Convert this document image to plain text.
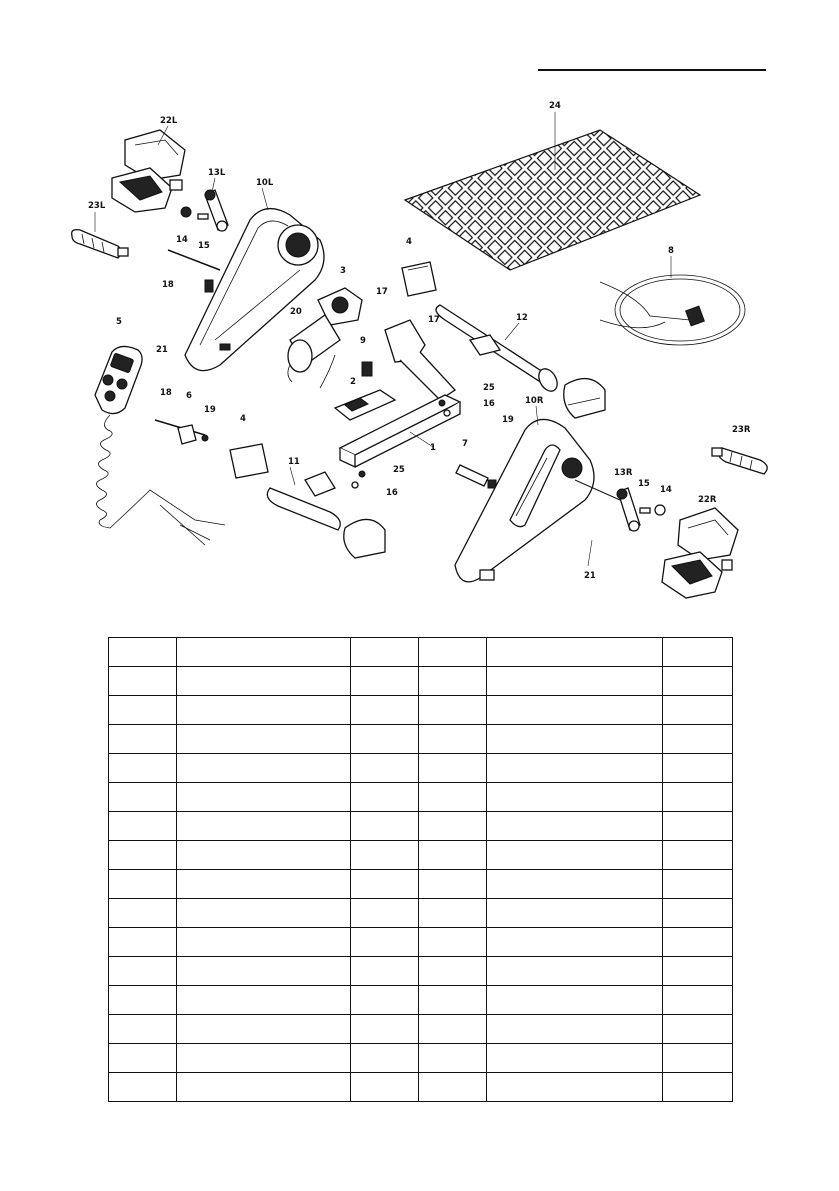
22L
13L
10L
23L
14
15
18
3
20
21
5
9
2
18 6
19
4
11
25
16
1
17
17	12
4
24
8
25
16
7
19
10R
13R
15
14
22R
23R
21
